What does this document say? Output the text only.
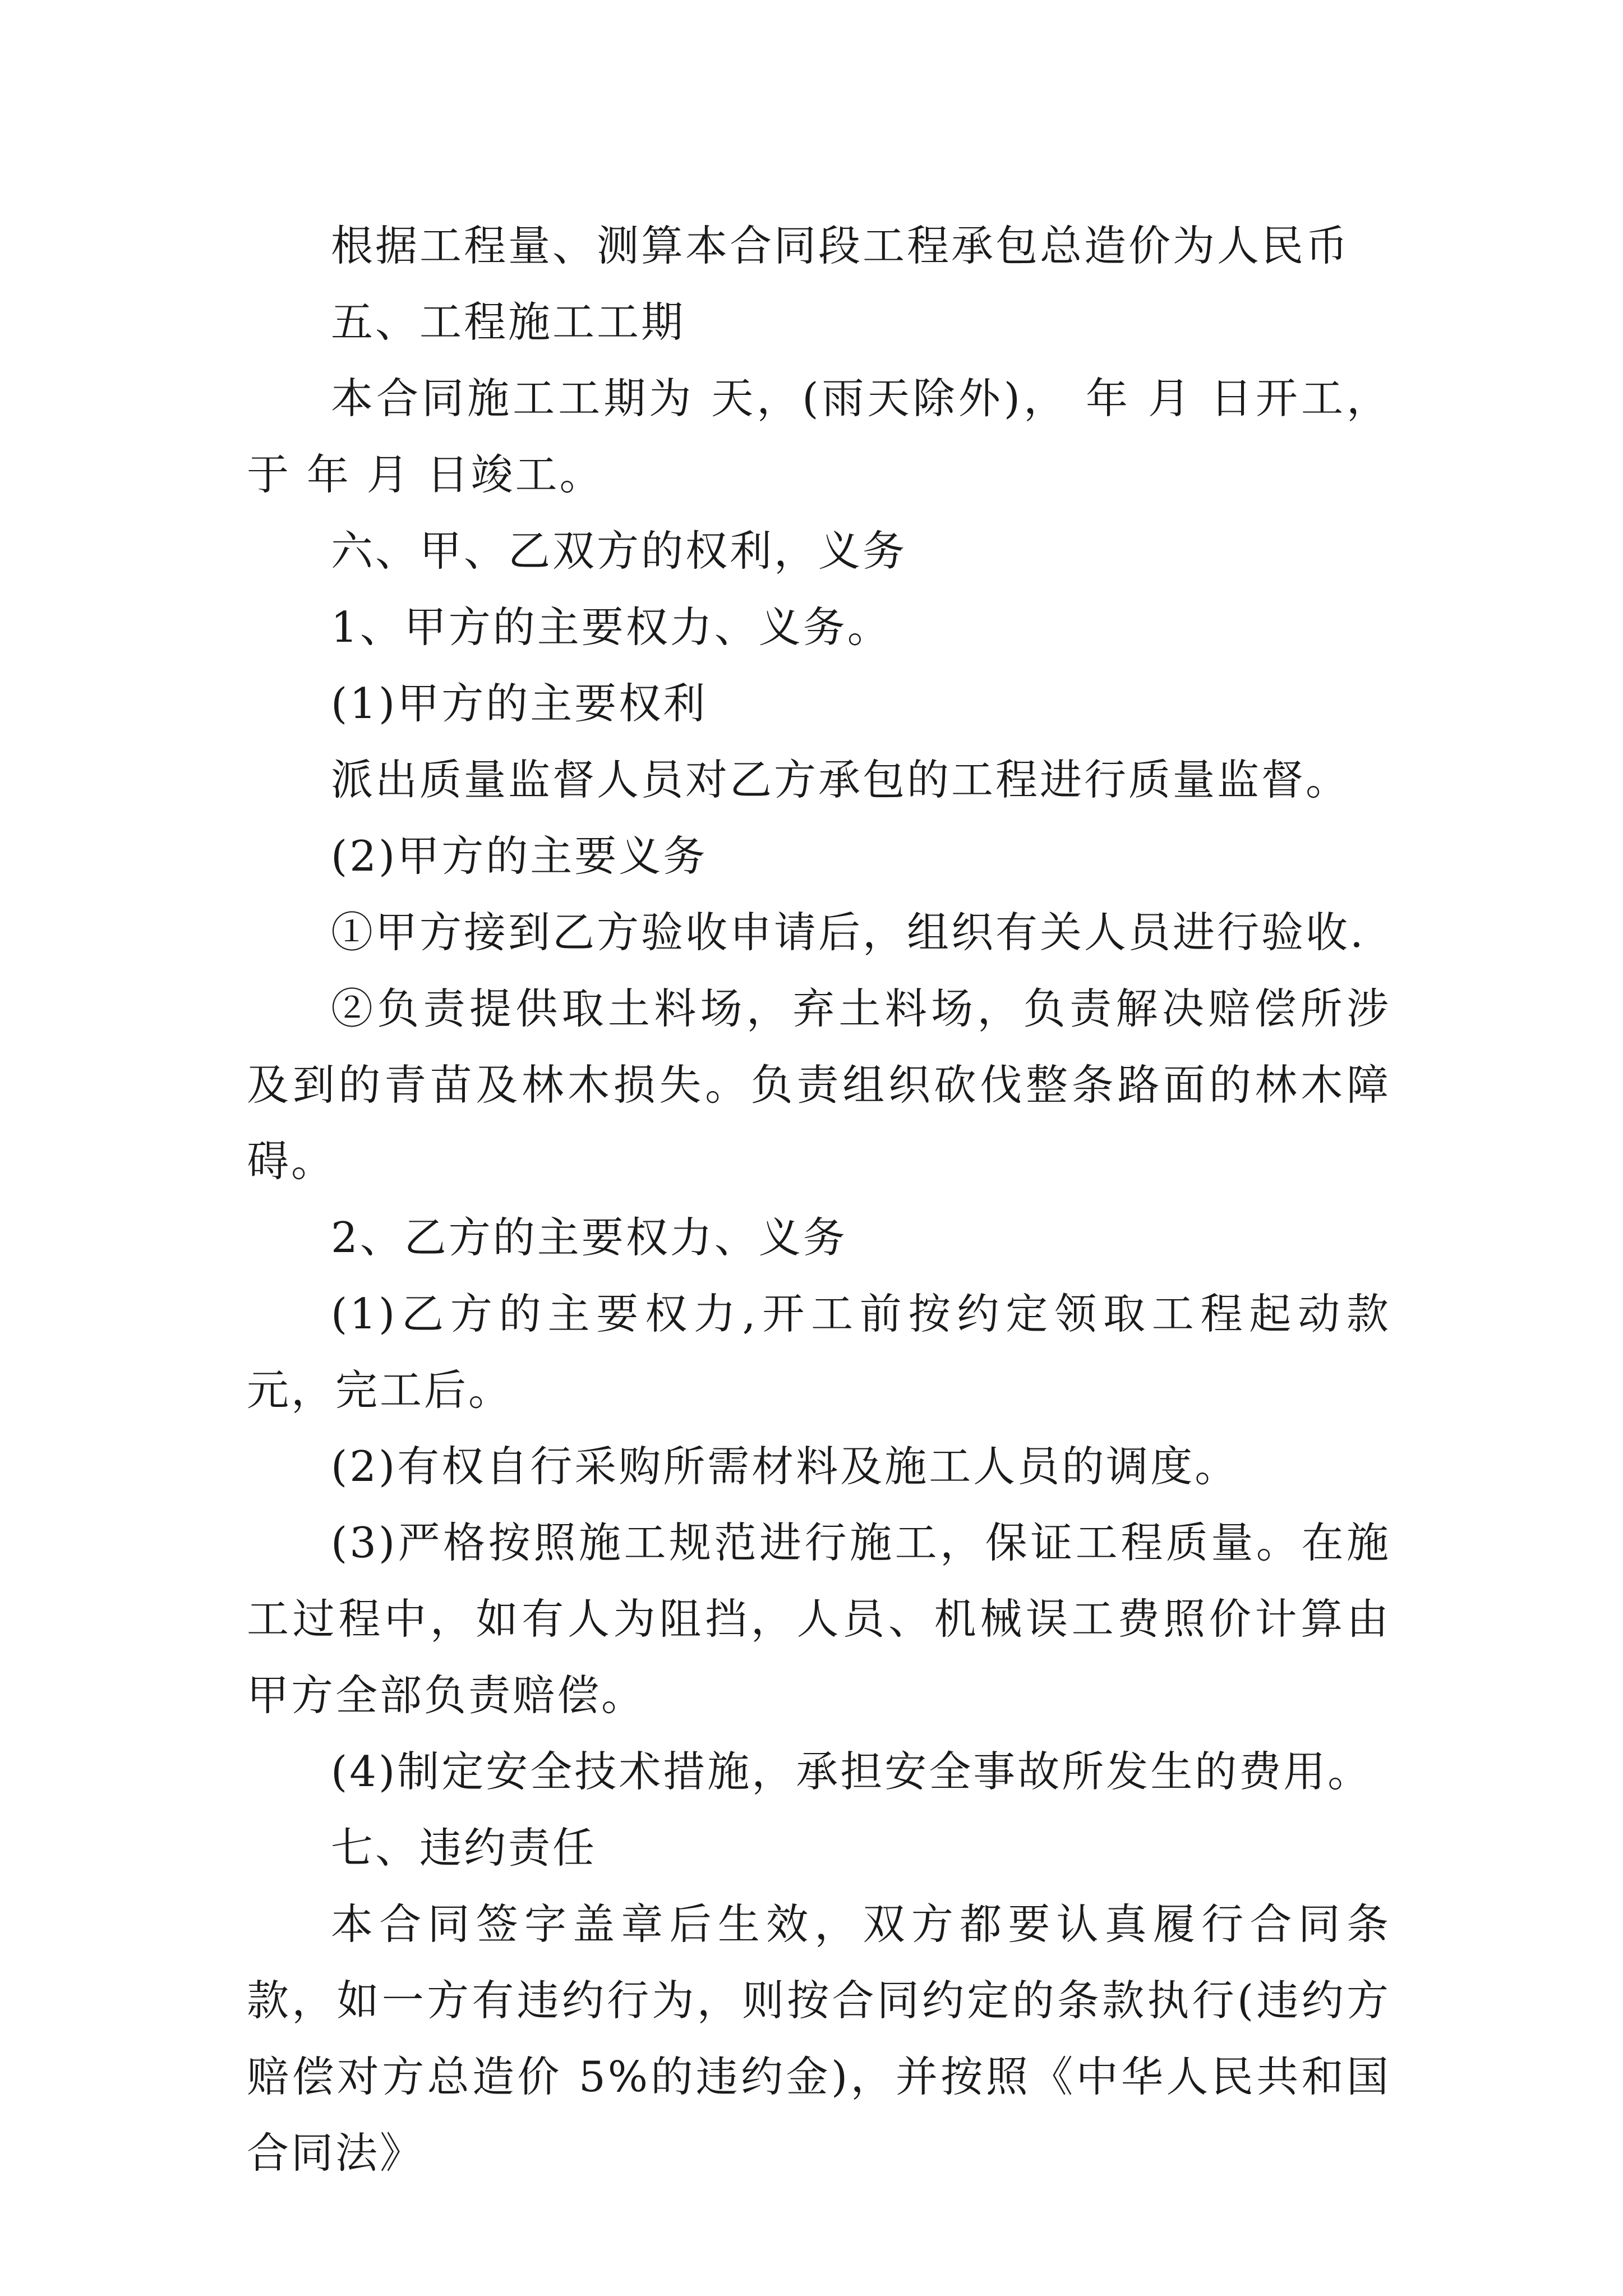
根据工程量、测算本合同段工程承包总造价为人民币

五、工程施工工期

本合同施工工期为 天，(雨天除外)， 年 月 日开工，于 年 月 日竣工。

六、甲、乙双方的权利，义务

1、甲方的主要权力、义务。

(1)甲方的主要权利

派出质量监督人员对乙方承包的工程进行质量监督。

(2)甲方的主要义务

①甲方接到乙方验收申请后，组织有关人员进行验收.

②负责提供取土料场，弃土料场，负责解决赔偿所涉及到的青苗及林木损失。负责组织砍伐整条路面的林木障碍。

2、乙方的主要权力、义务

(1)乙方的主要权力,开工前按约定领取工程起动款 元，完工后。

(2)有权自行采购所需材料及施工人员的调度。

(3)严格按照施工规范进行施工，保证工程质量。在施工过程中，如有人为阻挡，人员、机械误工费照价计算由甲方全部负责赔偿。

(4)制定安全技术措施，承担安全事故所发生的费用。

七、违约责任

本合同签字盖章后生效，双方都要认真履行合同条款，如一方有违约行为，则按合同约定的条款执行(违约方赔偿对方总造价 5%的违约金)，并按照《中华人民共和国合同法》
